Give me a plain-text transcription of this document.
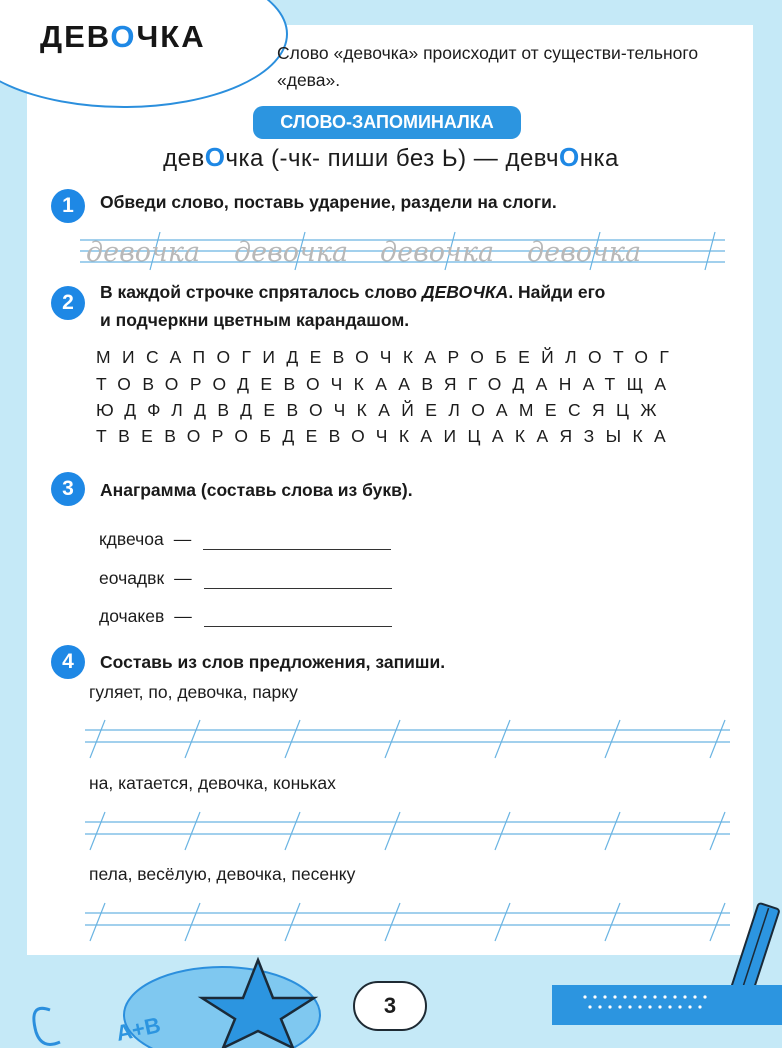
ДЕВОЧКА	Слово «девочка» происходит от существи-тельного «дева».
СЛОВО-ЗАПОМИНАЛКА
девОчка (-чк- пиши без Ь) — девчОнка
1	Обведи слово, поставь ударение, раздели на слоги.
девочка девочка девочка девочка
2	В каждой строчке спряталось слово ДЕВОЧКА. Найди его
и подчеркни цветным карандашом.
МИСАПОГИДЕВОЧКАРОБЕЙЛОТОГ
ТОВОРОДЕВОЧКААВЯГОДАНАТЩА
ЮДФЛДВДЕВОЧКАЙЕЛОАМЕСЯЦЖ
ТВЕВОРОБДЕВОЧКАИЦАКАЯЗЫКА
3	Анаграмма (составь слова из букв).
кдвечоа —
еочадвк —
дочакев —
4	Составь из слов предложения, запиши.
гуляет, по, девочка, парку
на, катается, девочка, коньках
пела, весёлую, девочка, песенку
A+B
3
